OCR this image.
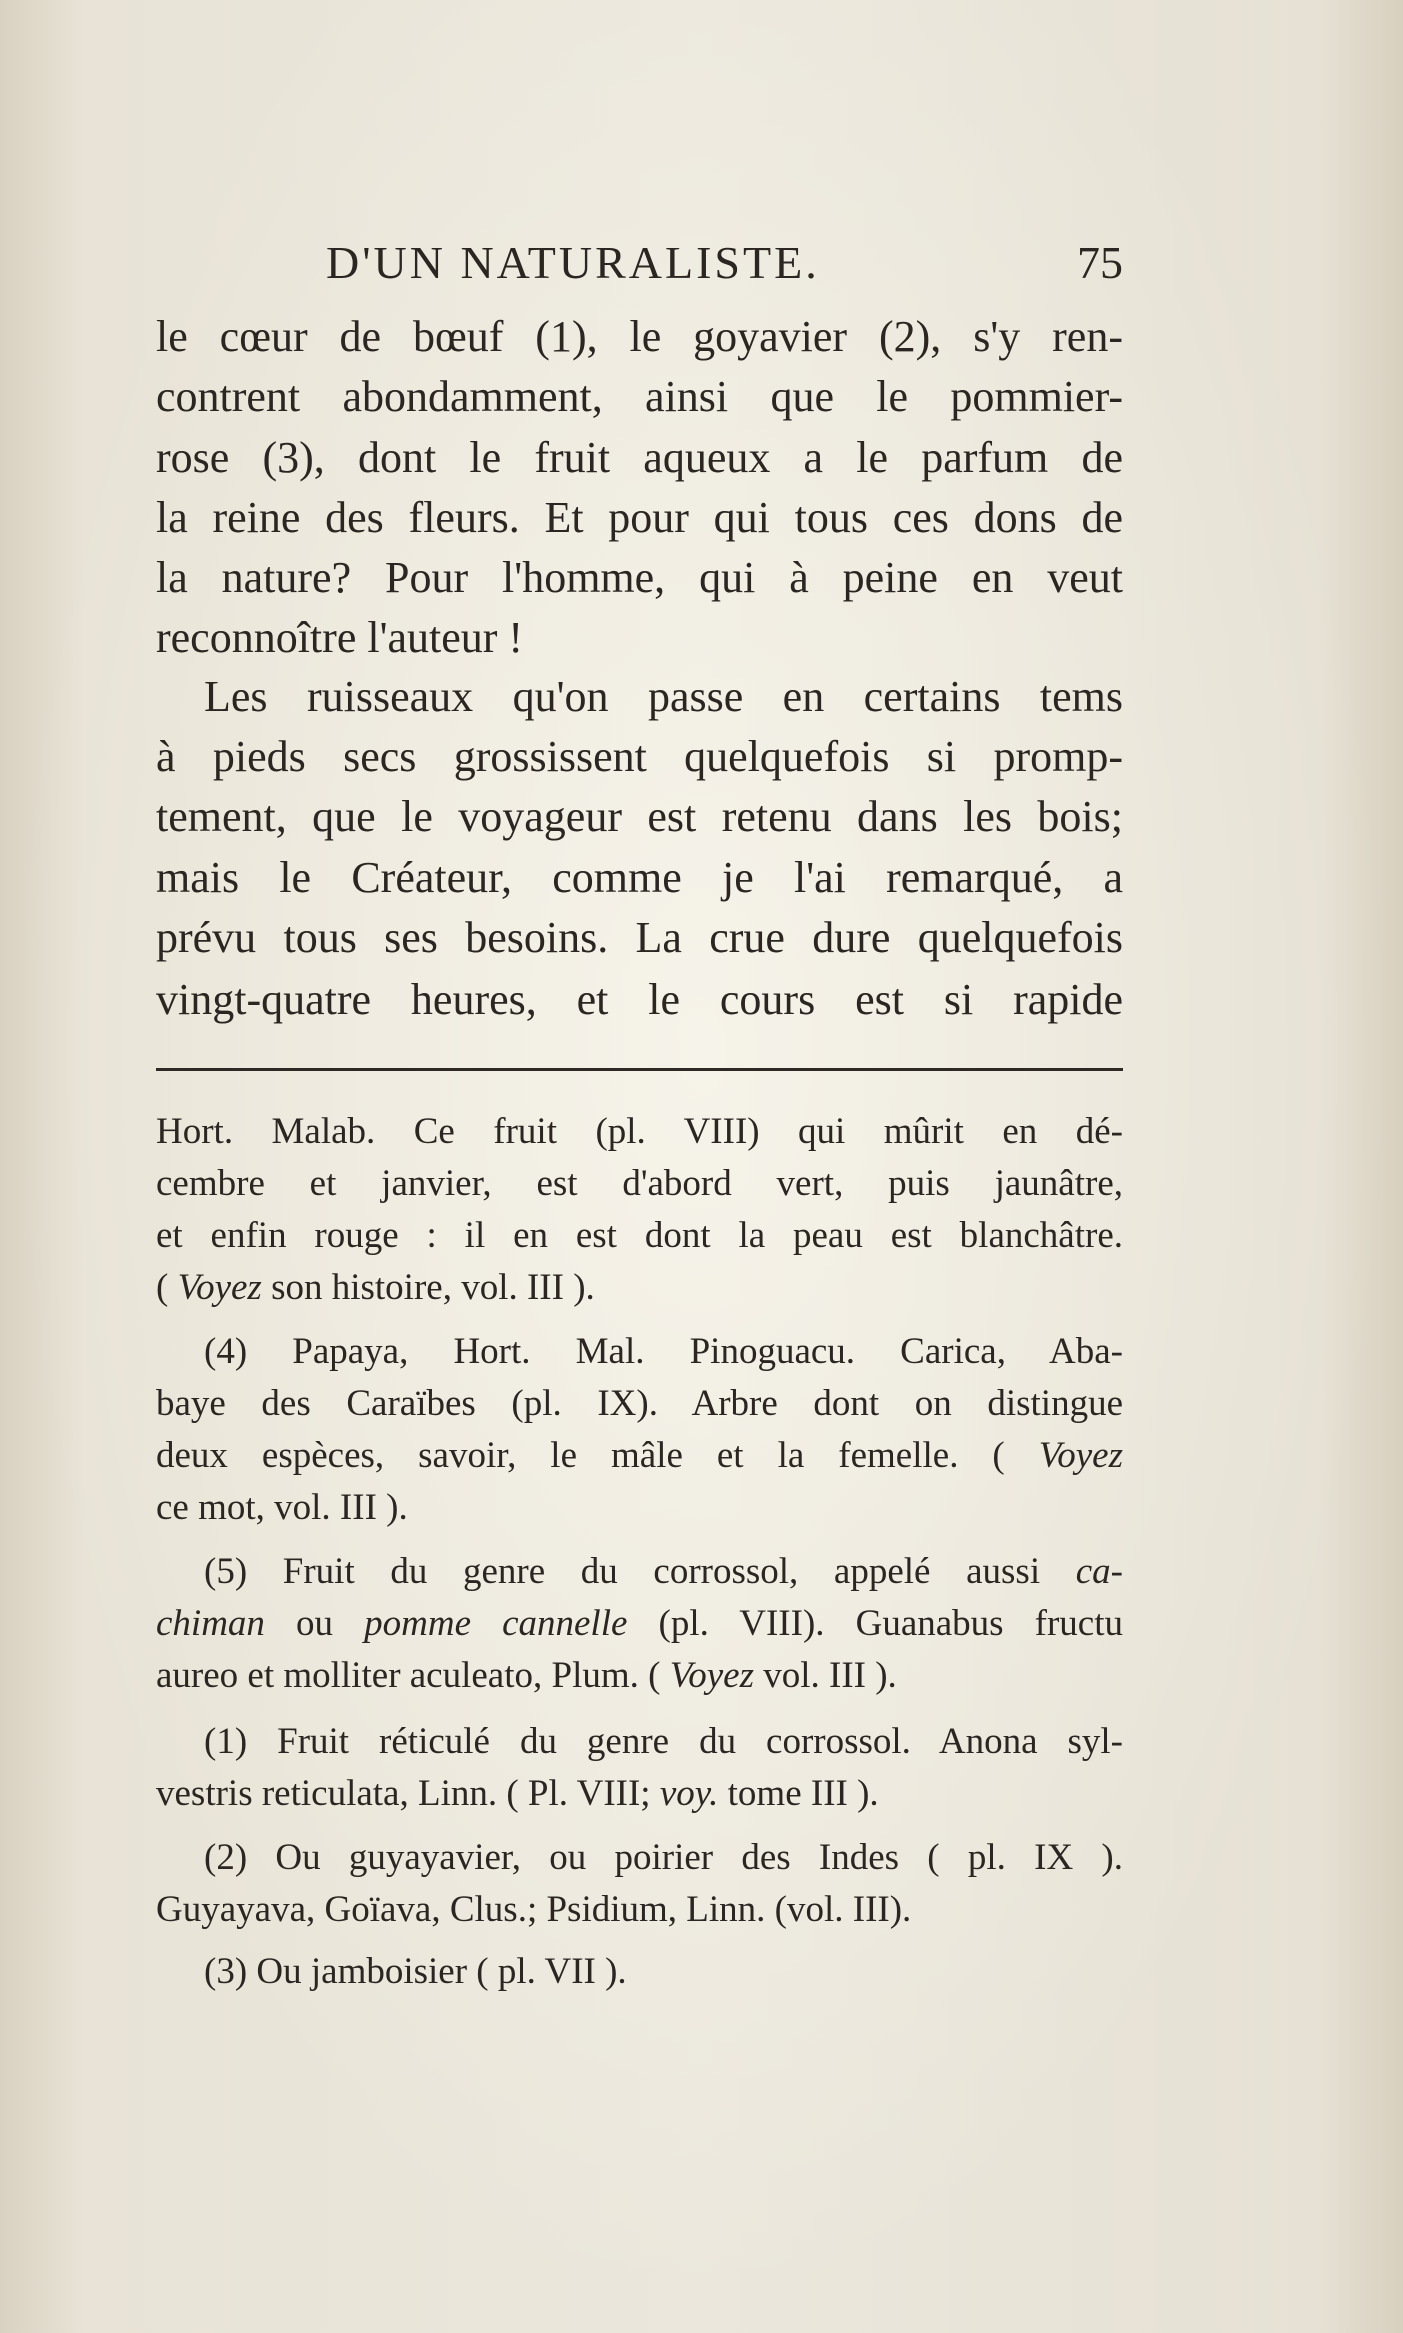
D'UN NATURALISTE.	75
le cœur de bœuf (1), le goyavier (2), s'y ren-
contrent abondamment, ainsi que le pommier-
rose (3), dont le fruit aqueux a le parfum de
la reine des fleurs. Et pour qui tous ces dons de
la nature? Pour l'homme, qui à peine en veut
reconnoître l'auteur !
Les ruisseaux qu'on passe en certains tems
à pieds secs grossissent quelquefois si promp-
tement, que le voyageur est retenu dans les bois;
mais le Créateur, comme je l'ai remarqué, a
prévu tous ses besoins. La crue dure quelquefois
vingt-quatre heures, et le cours est si rapide
Hort. Malab. Ce fruit (pl. VIII) qui mûrit en dé-
cembre et janvier, est d'abord vert, puis jaunâtre,
et enfin rouge : il en est dont la peau est blanchâtre.
( Voyez son histoire, vol. III ).
(4) Papaya, Hort. Mal. Pinoguacu. Carica, Aba-
baye des Caraïbes (pl. IX). Arbre dont on distingue
deux espèces, savoir, le mâle et la femelle. ( Voyez
ce mot, vol. III ).
(5) Fruit du genre du corrossol, appelé aussi ca-
chiman ou pomme cannelle (pl. VIII). Guanabus fructu
aureo et molliter aculeato, Plum. ( Voyez vol. III ).
(1) Fruit réticulé du genre du corrossol. Anona syl-
vestris reticulata, Linn. ( Pl. VIII; voy. tome III ).
(2) Ou guyayavier, ou poirier des Indes ( pl. IX ).
Guyayava, Goïava, Clus.; Psidium, Linn. (vol. III).
(3) Ou jamboisier ( pl. VII ).
